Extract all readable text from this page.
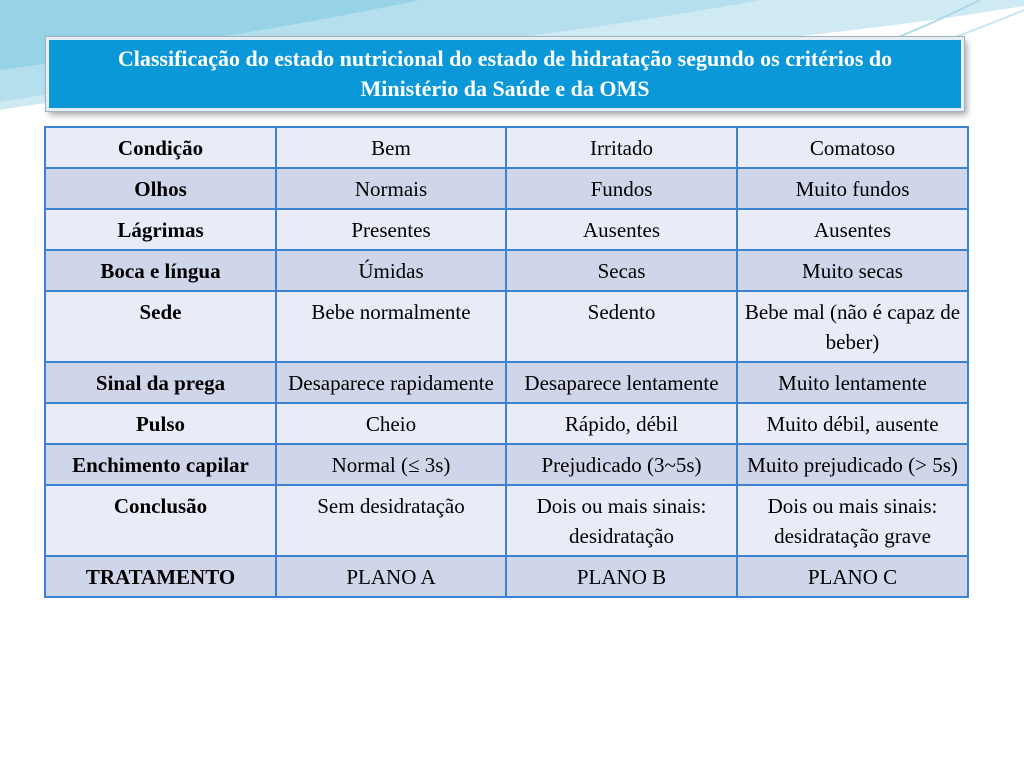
Classificação do estado nutricional do estado de hidratação segundo os critérios do Ministério da Saúde e da OMS
Condição	Bem	Irritado	Comatoso
Olhos	Normais	Fundos	Muito fundos
Lágrimas	Presentes	Ausentes	Ausentes
Boca e língua	Úmidas	Secas	Muito secas
Sede	Bebe normalmente	Sedento	Bebe mal (não é capaz de beber)
Sinal da prega	Desaparece rapidamente	Desaparece lentamente	Muito lentamente
Pulso	Cheio	Rápido, débil	Muito débil, ausente
Enchimento capilar	Normal (≤ 3s)	Prejudicado (3~5s)	Muito prejudicado (> 5s)
Conclusão	Sem desidratação	Dois ou mais sinais: desidratação	Dois ou mais sinais: desidratação grave
TRATAMENTO	PLANO A	PLANO B	PLANO C
